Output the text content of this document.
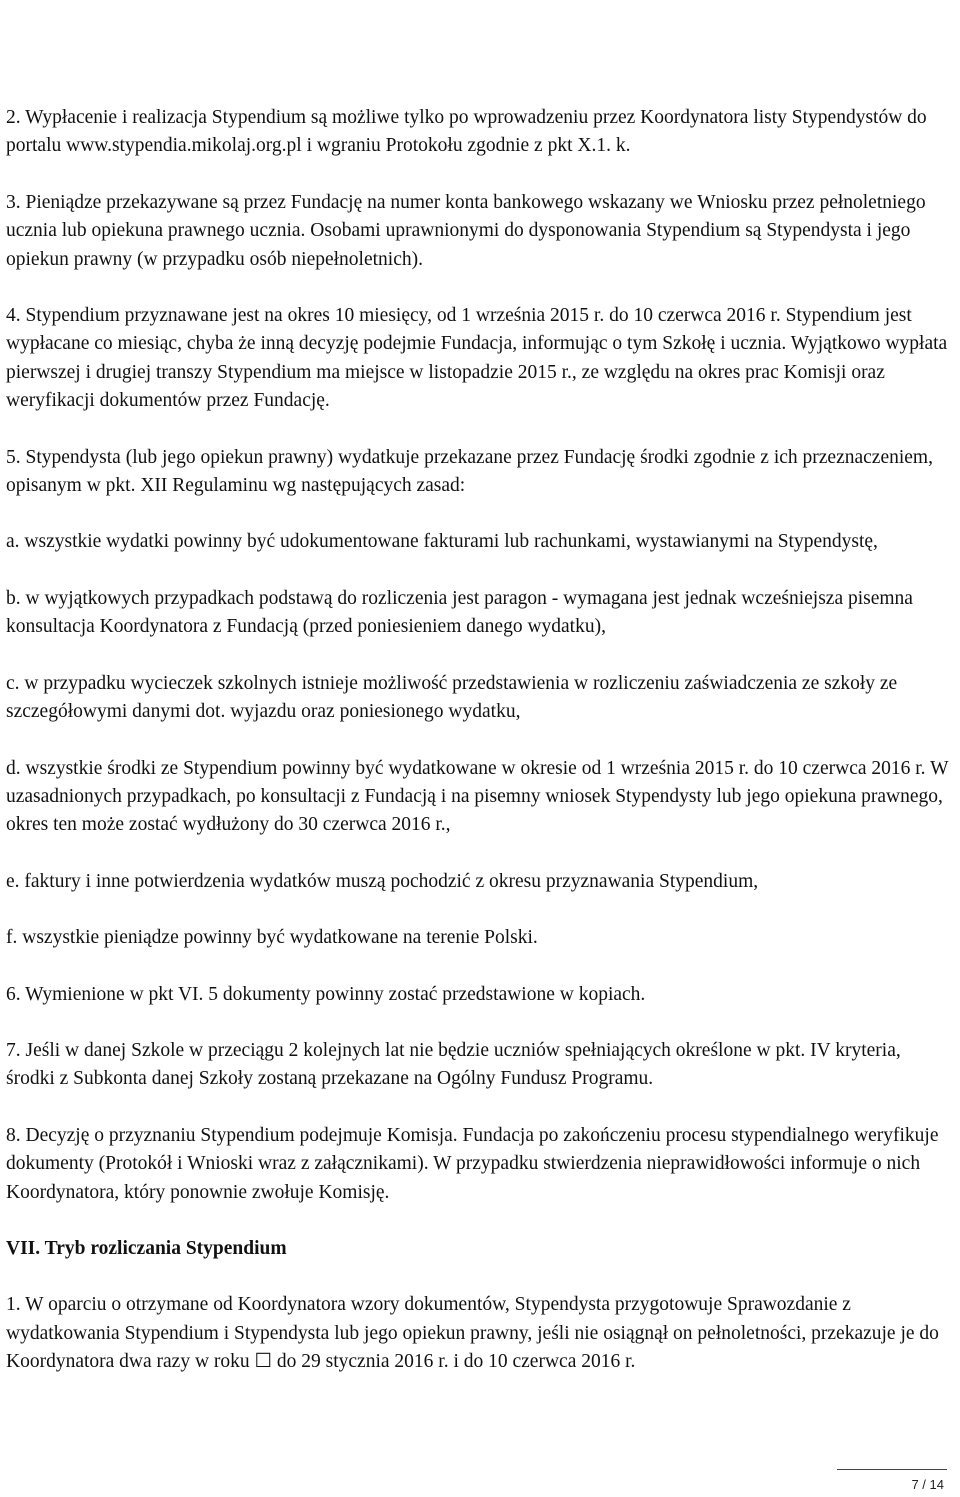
2. Wypłacenie i realizacja Stypendium są możliwe tylko po wprowadzeniu przez Koordynatora listy Stypendystów do portalu www.stypendia.mikolaj.org.pl i wgraniu Protokołu zgodnie z pkt X.1. k.

3. Pieniądze przekazywane są przez Fundację na numer konta bankowego wskazany we Wniosku przez pełnoletniego ucznia lub opiekuna prawnego ucznia. Osobami uprawnionymi do dysponowania Stypendium są Stypendysta i jego opiekun prawny (w przypadku osób niepełnoletnich).

4. Stypendium przyznawane jest na okres 10 miesięcy, od 1 września 2015 r. do 10 czerwca 2016 r. Stypendium jest wypłacane co miesiąc, chyba że inną decyzję podejmie Fundacja, informując o tym Szkołę i ucznia. Wyjątkowo wypłata pierwszej i drugiej transzy Stypendium ma miejsce w listopadzie 2015 r., ze względu na okres prac Komisji oraz weryfikacji dokumentów przez Fundację.

5. Stypendysta (lub jego opiekun prawny) wydatkuje przekazane przez Fundację środki zgodnie z ich przeznaczeniem, opisanym w pkt. XII Regulaminu wg następujących zasad:

a. wszystkie wydatki powinny być udokumentowane fakturami lub rachunkami, wystawianymi na Stypendystę,

b. w wyjątkowych przypadkach podstawą do rozliczenia jest paragon - wymagana jest jednak wcześniejsza pisemna konsultacja Koordynatora z Fundacją (przed poniesieniem danego wydatku),

c. w przypadku wycieczek szkolnych istnieje możliwość przedstawienia w rozliczeniu zaświadczenia ze szkoły ze szczegółowymi danymi dot. wyjazdu oraz poniesionego wydatku,

d. wszystkie środki ze Stypendium powinny być wydatkowane w okresie od 1 września 2015 r. do 10 czerwca 2016 r. W uzasadnionych przypadkach, po konsultacji z Fundacją i na pisemny wniosek Stypendysty lub jego opiekuna prawnego, okres ten może zostać wydłużony do 30 czerwca 2016 r.,

e. faktury i inne potwierdzenia wydatków muszą pochodzić z okresu przyznawania Stypendium,

f. wszystkie pieniądze powinny być wydatkowane na terenie Polski.

6. Wymienione w pkt VI. 5 dokumenty powinny zostać przedstawione w kopiach.

7. Jeśli w danej Szkole w przeciągu 2 kolejnych lat nie będzie uczniów spełniających określone w pkt. IV kryteria, środki z Subkonta danej Szkoły zostaną przekazane na Ogólny Fundusz Programu.

8. Decyzję o przyznaniu Stypendium podejmuje Komisja. Fundacja po zakończeniu procesu stypendialnego weryfikuje dokumenty (Protokół i Wnioski wraz z załącznikami). W przypadku stwierdzenia nieprawidłowości informuje o nich Koordynatora, który ponownie zwołuje Komisję.

VII. Tryb rozliczania Stypendium

1. W oparciu o otrzymane od Koordynatora wzory dokumentów, Stypendysta przygotowuje Sprawozdanie z wydatkowania Stypendium i Stypendysta lub jego opiekun prawny, jeśli nie osiągnął on pełnoletności, przekazuje je do Koordynatora dwa razy w roku ☐ do 29 stycznia 2016 r. i do 10 czerwca 2016 r.

7 / 14
